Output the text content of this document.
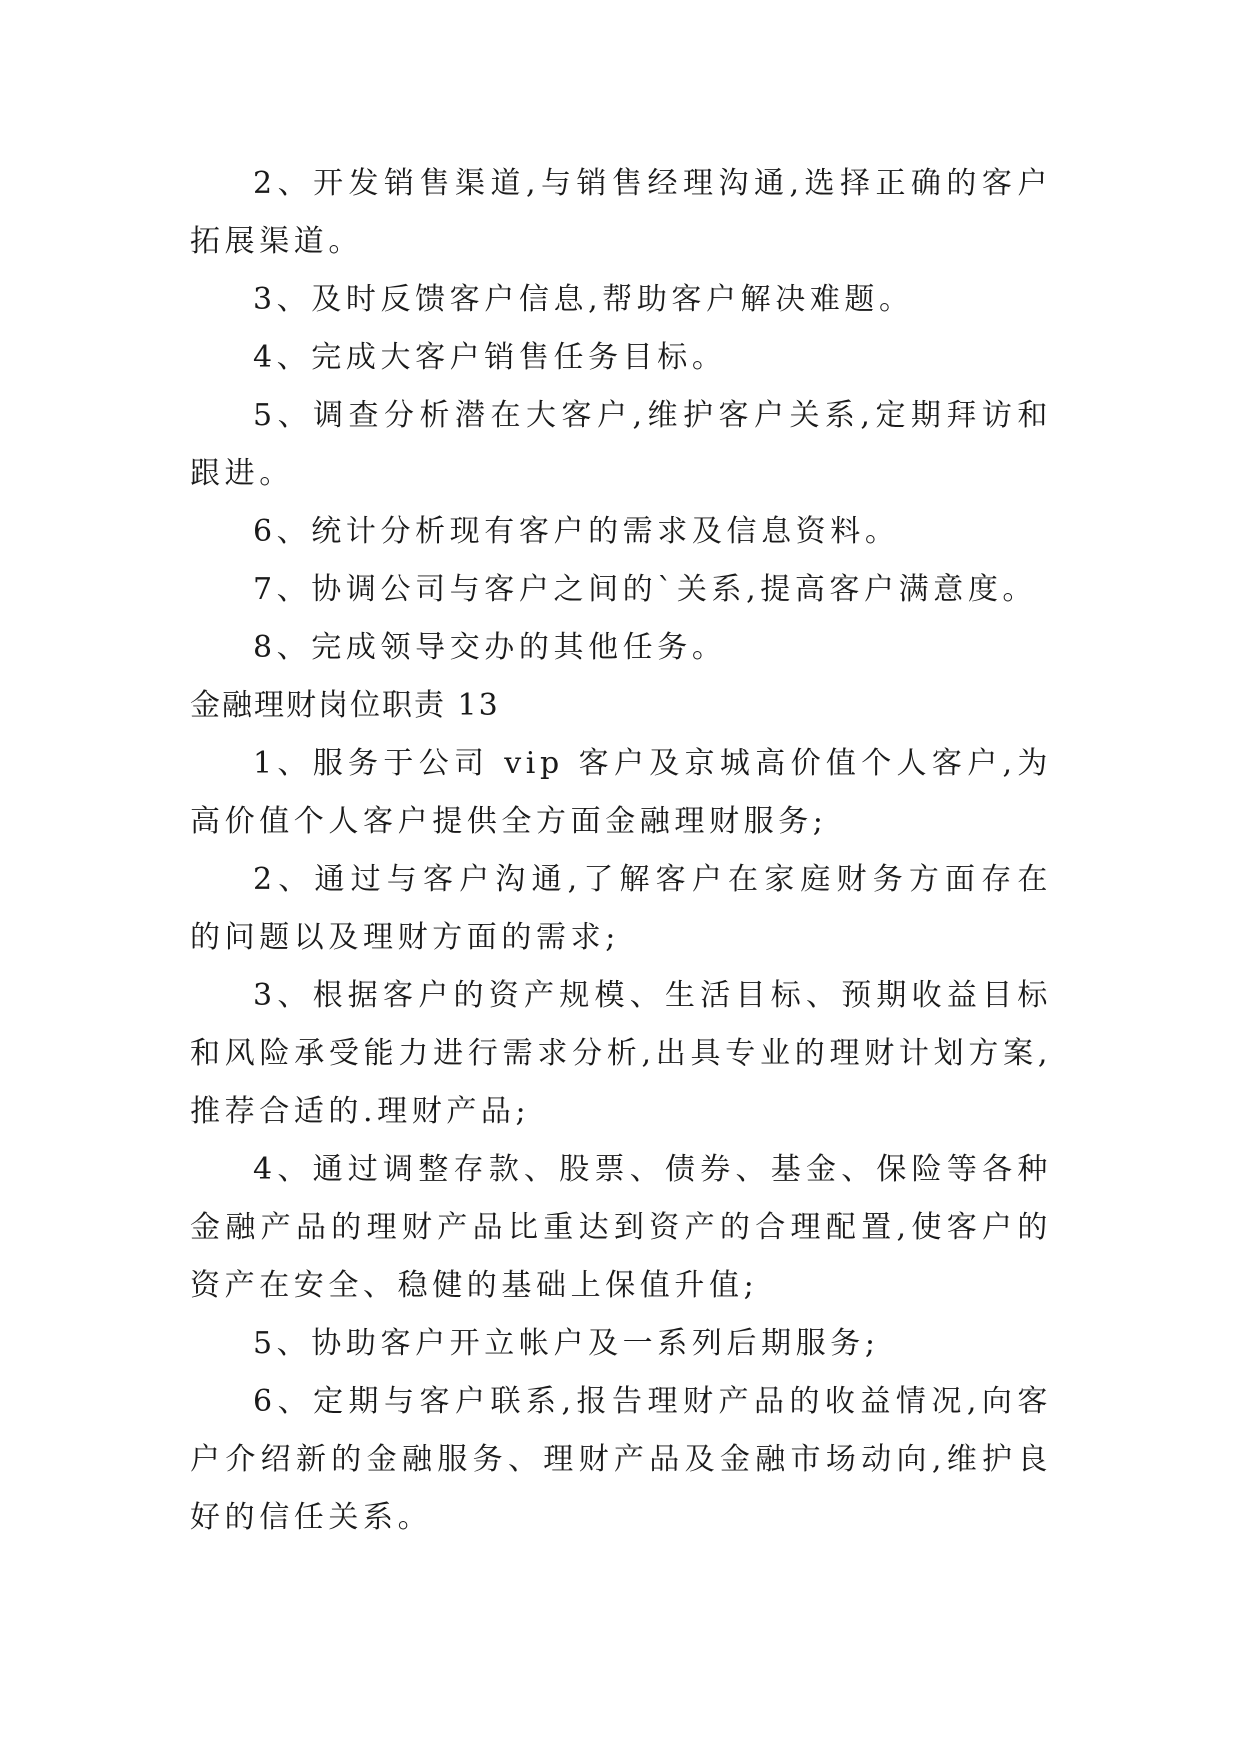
2、开发销售渠道,与销售经理沟通,选择正确的客户拓展渠道。

3、及时反馈客户信息,帮助客户解决难题。

4、完成大客户销售任务目标。

5、调查分析潜在大客户,维护客户关系,定期拜访和跟进。

6、统计分析现有客户的需求及信息资料。

7、协调公司与客户之间的`关系,提高客户满意度。

8、完成领导交办的其他任务。

金融理财岗位职责 13

1、服务于公司 vip 客户及京城高价值个人客户,为高价值个人客户提供全方面金融理财服务;

2、通过与客户沟通,了解客户在家庭财务方面存在的问题以及理财方面的需求;

3、根据客户的资产规模、生活目标、预期收益目标和风险承受能力进行需求分析,出具专业的理财计划方案,推荐合适的.理财产品;

4、通过调整存款、股票、债券、基金、保险等各种金融产品的理财产品比重达到资产的合理配置,使客户的资产在安全、稳健的基础上保值升值;

5、协助客户开立帐户及一系列后期服务;

6、定期与客户联系,报告理财产品的收益情况,向客户介绍新的金融服务、理财产品及金融市场动向,维护良好的信任关系。
